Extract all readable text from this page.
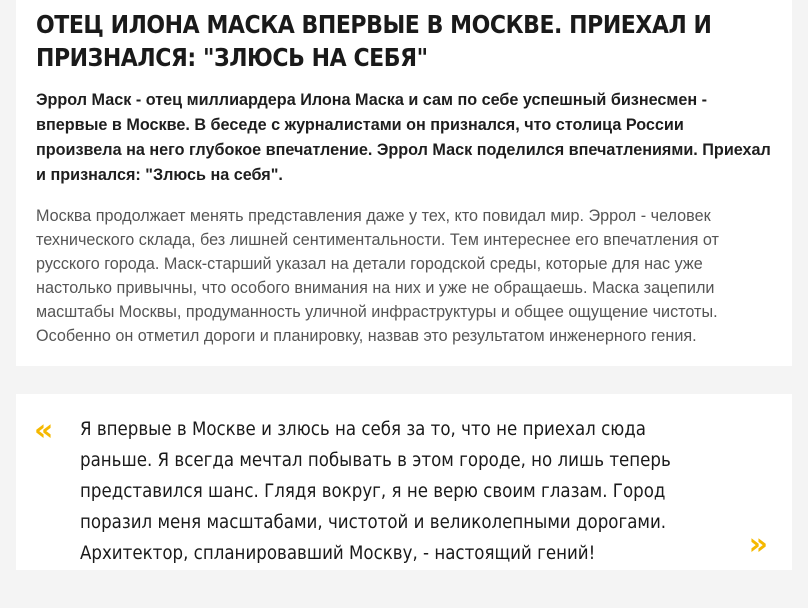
ОТЕЦ ИЛОНА МАСКА ВПЕРВЫЕ В МОСКВЕ. ПРИЕХАЛ И ПРИЗНАЛСЯ: "ЗЛЮСЬ НА СЕБЯ"

Эррол Маск - отец миллиардера Илона Маска и сам по себе успешный бизнесмен - впервые в Москве. В беседе с журналистами он признался, что столица России произвела на него глубокое впечатление. Эррол Маск поделился впечатлениями. Приехал и признался: "Злюсь на себя".

Москва продолжает менять представления даже у тех, кто повидал мир. Эррол - человек технического склада, без лишней сентиментальности. Тем интереснее его впечатления от русского города. Маск-старший указал на детали городской среды, которые для нас уже настолько привычны, что особого внимания на них и уже не обращаешь. Маска зацепили масштабы Москвы, продуманность уличной инфраструктуры и общее ощущение чистоты. Особенно он отметил дороги и планировку, назвав это результатом инженерного гения.

« Я впервые в Москве и злюсь на себя за то, что не приехал сюда раньше. Я всегда мечтал побывать в этом городе, но лишь теперь представился шанс. Глядя вокруг, я не верю своим глазам. Город поразил меня масштабами, чистотой и великолепными дорогами. Архитектор, спланировавший Москву, - настоящий гений!	»
